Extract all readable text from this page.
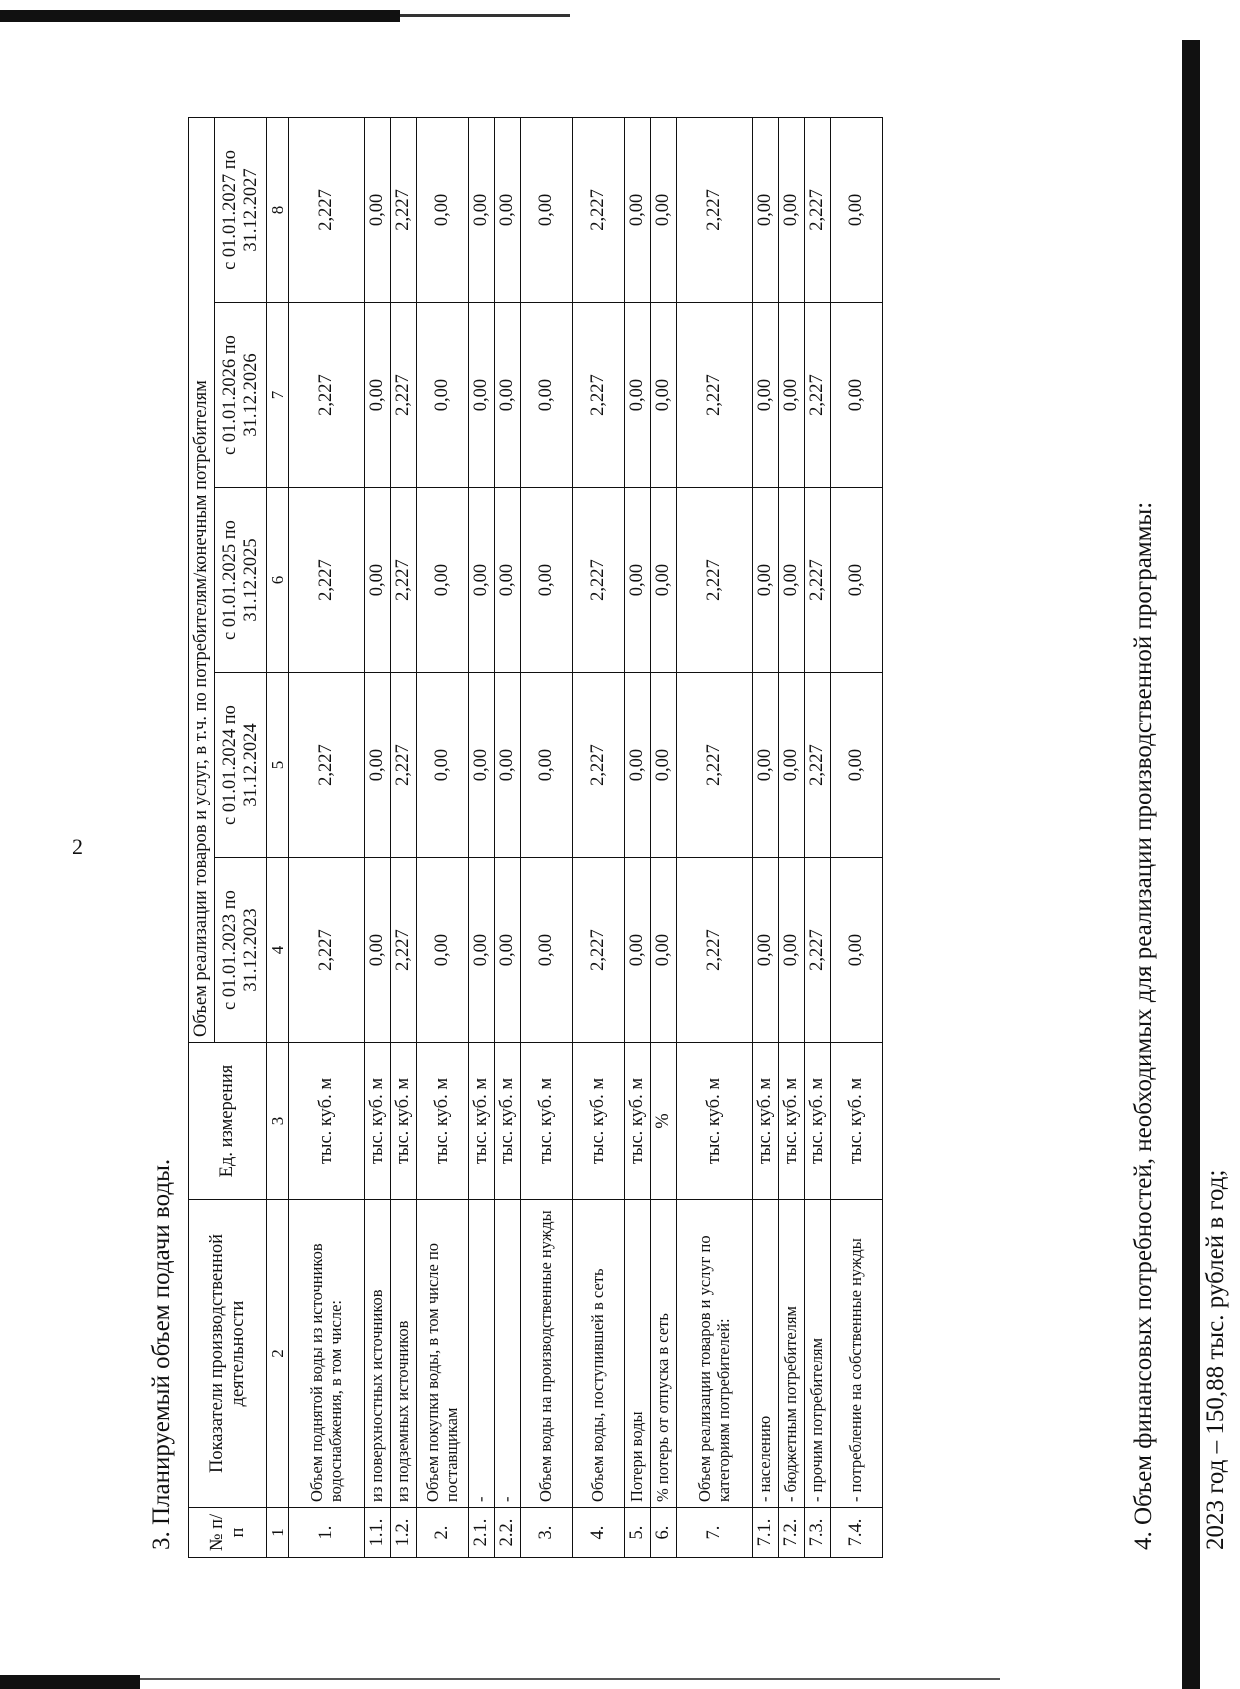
2
3. Планируемый объем подачи воды. № п/п	Показатели производственной деятельности	Ед. измерения	Объем реализации товаров и услуг, в т.ч. по потребителям/конечным потребителям				
			с 01.01.2023 по 31.12.2023	с 01.01.2024 по 31.12.2024	с 01.01.2025 по 31.12.2025	с 01.01.2026 по 31.12.2026	с 01.01.2027 по 31.12.2027
1	2	3	4	5	6	7	8
1.	Объем поднятой воды из источников водоснабжения, в том числе:	тыс. куб. м	2,227	2,227	2,227	2,227	2,227
1.1.	из поверхностных источников	тыс. куб. м	0,00	0,00	0,00	0,00	0,00
1.2.	из подземных источников	тыс. куб. м	2,227	2,227	2,227	2,227	2,227
2.	Объем покупки воды, в том числе по поставщикам	тыс. куб. м	0,00	0,00	0,00	0,00	0,00
2.1.	-	тыс. куб. м	0,00	0,00	0,00	0,00	0,00
2.2.	-	тыс. куб. м	0,00	0,00	0,00	0,00	0,00
3.	Объем воды на производственные нужды	тыс. куб. м	0,00	0,00	0,00	0,00	0,00
4.	Объем воды, поступившей в сеть	тыс. куб. м	2,227	2,227	2,227	2,227	2,227
5.	Потери воды	тыс. куб. м	0,00	0,00	0,00	0,00	0,00
6.	% потерь от отпуска в сеть	%	0,00	0,00	0,00	0,00	0,00
7.	Объем реализации товаров и услуг по категориям потребителей:	тыс. куб. м	2,227	2,227	2,227	2,227	2,227
7.1.	- населению	тыс. куб. м	0,00	0,00	0,00	0,00	0,00
7.2.	- бюджетным потребителям	тыс. куб. м	0,00	0,00	0,00	0,00	0,00
7.3.	- прочим потребителям	тыс. куб. м	2,227	2,227	2,227	2,227	2,227
7.4.	- потребление на собственные нужды	тыс. куб. м	0,00	0,00	0,00	0,00	0,00
4. Объем финансовых потребностей, необходимых для реализации производственной программы: 2023 год – 150,88 тыс. рублей в год;
